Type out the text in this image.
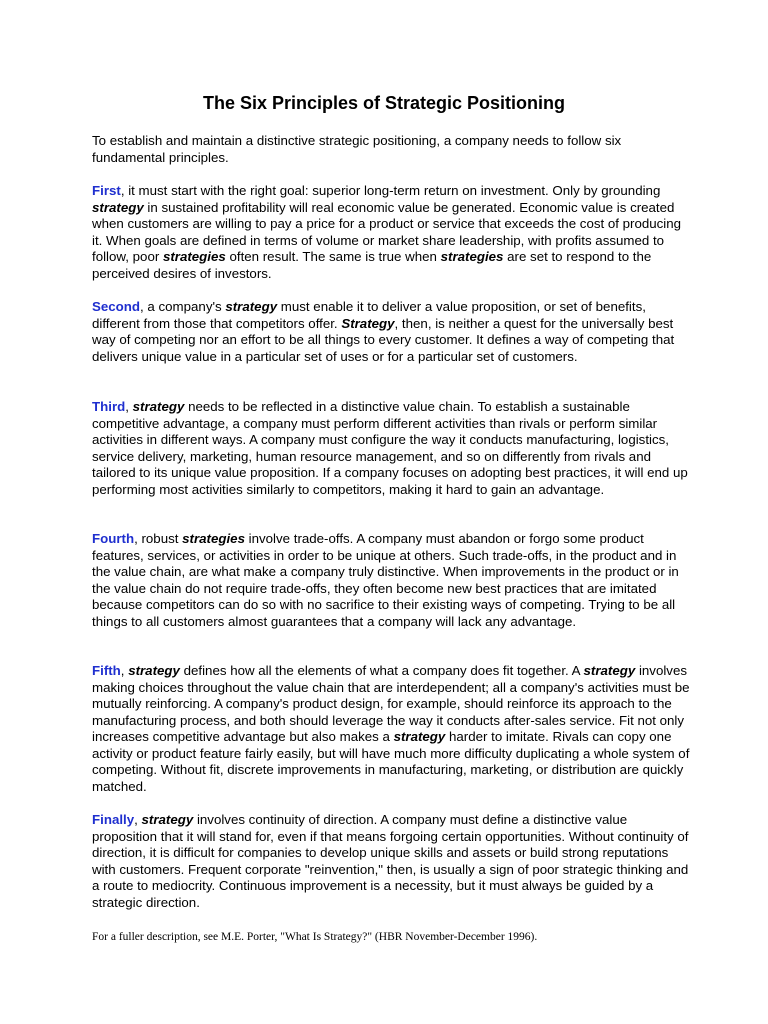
The Six Principles of Strategic Positioning

To establish and maintain a distinctive strategic positioning, a company needs to follow six fundamental principles.

First, it must start with the right goal: superior long-term return on investment. Only by grounding strategy in sustained profitability will real economic value be generated. Economic value is created when customers are willing to pay a price for a product or service that exceeds the cost of producing it. When goals are defined in terms of volume or market share leadership, with profits assumed to follow, poor strategies often result. The same is true when strategies are set to respond to the perceived desires of investors.

Second, a company's strategy must enable it to deliver a value proposition, or set of benefits, different from those that competitors offer. Strategy, then, is neither a quest for the universally best way of competing nor an effort to be all things to every customer. It defines a way of competing that delivers unique value in a particular set of uses or for a particular set of customers.

Third, strategy needs to be reflected in a distinctive value chain. To establish a sustainable competitive advantage, a company must perform different activities than rivals or perform similar activities in different ways. A company must configure the way it conducts manufacturing, logistics, service delivery, marketing, human resource management, and so on differently from rivals and tailored to its unique value proposition. If a company focuses on adopting best practices, it will end up performing most activities similarly to competitors, making it hard to gain an advantage.

Fourth, robust strategies involve trade-offs. A company must abandon or forgo some product features, services, or activities in order to be unique at others. Such trade-offs, in the product and in the value chain, are what make a company truly distinctive. When improvements in the product or in the value chain do not require trade-offs, they often become new best practices that are imitated because competitors can do so with no sacrifice to their existing ways of competing. Trying to be all things to all customers almost guarantees that a company will lack any advantage.

Fifth, strategy defines how all the elements of what a company does fit together. A strategy involves making choices throughout the value chain that are interdependent; all a company's activities must be mutually reinforcing. A company's product design, for example, should reinforce its approach to the manufacturing process, and both should leverage the way it conducts after-sales service. Fit not only increases competitive advantage but also makes a strategy harder to imitate. Rivals can copy one activity or product feature fairly easily, but will have much more difficulty duplicating a whole system of competing. Without fit, discrete improvements in manufacturing, marketing, or distribution are quickly matched.

Finally, strategy involves continuity of direction. A company must define a distinctive value proposition that it will stand for, even if that means forgoing certain opportunities. Without continuity of direction, it is difficult for companies to develop unique skills and assets or build strong reputations with customers. Frequent corporate "reinvention," then, is usually a sign of poor strategic thinking and a route to mediocrity. Continuous improvement is a necessity, but it must always be guided by a strategic direction.

For a fuller description, see M.E. Porter, "What Is Strategy?" (HBR November-December 1996).
